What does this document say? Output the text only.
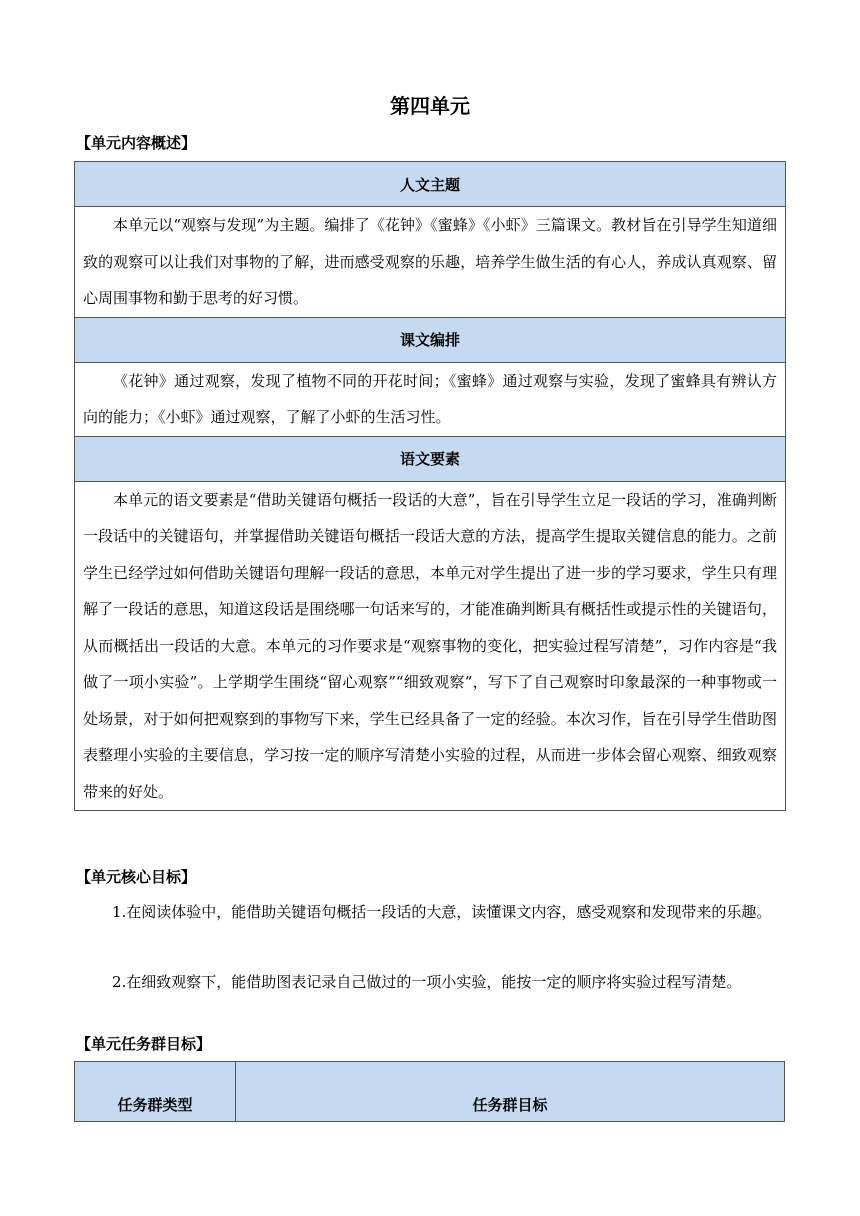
第四单元
【单元内容概述】
人文主题
本单元以“观察与发现”为主题。编排了《花钟》《蜜蜂》《小虾》三篇课文。教材旨在引导学生知道细致的观察可以让我们对事物的了解，进而感受观察的乐趣，培养学生做生活的有心人，养成认真观察、留心周围事物和勤于思考的好习惯。
课文编排
《花钟》通过观察，发现了植物不同的开花时间；《蜜蜂》通过观察与实验，发现了蜜蜂具有辨认方向的能力；《小虾》通过观察，了解了小虾的生活习性。
语文要素
本单元的语文要素是“借助关键语句概括一段话的大意”，旨在引导学生立足一段话的学习，准确判断一段话中的关键语句，并掌握借助关键语句概括一段话大意的方法，提高学生提取关键信息的能力。之前学生已经学过如何借助关键语句理解一段话的意思，本单元对学生提出了进一步的学习要求，学生只有理解了一段话的意思，知道这段话是围绕哪一句话来写的，才能准确判断具有概括性或提示性的关键语句，从而概括出一段话的大意。本单元的习作要求是“观察事物的变化，把实验过程写清楚”，习作内容是“我做了一项小实验”。上学期学生围绕“留心观察”“细致观察”，写下了自己观察时印象最深的一种事物或一处场景，对于如何把观察到的事物写下来，学生已经具备了一定的经验。本次习作，旨在引导学生借助图表整理小实验的主要信息，学习按一定的顺序写清楚小实验的过程，从而进一步体会留心观察、细致观察带来的好处。
【单元核心目标】
1.在阅读体验中，能借助关键语句概括一段话的大意，读懂课文内容，感受观察和发现带来的乐趣。
2.在细致观察下，能借助图表记录自己做过的一项小实验，能按一定的顺序将实验过程写清楚。
【单元任务群目标】
任务群类型	任务群目标
